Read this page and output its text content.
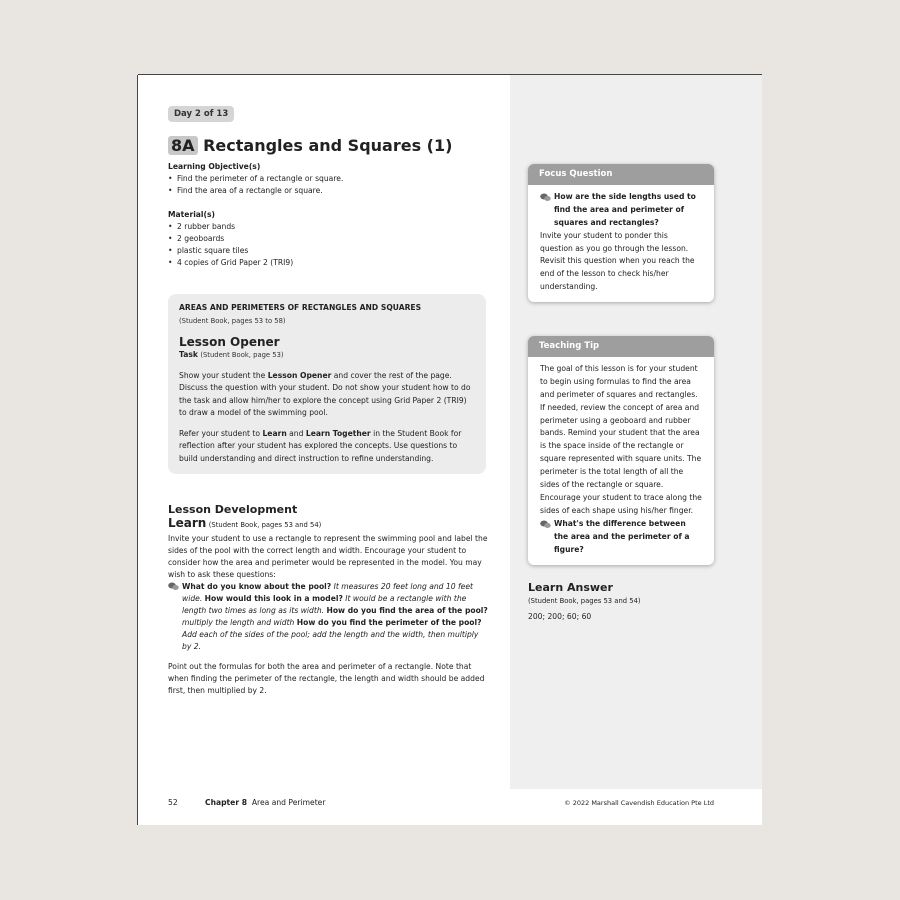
Day 2 of 13
8A Rectangles and Squares (1)
Learning Objective(s)
• Find the perimeter of a rectangle or square.
• Find the area of a rectangle or square.
Material(s)
• 2 rubber bands
• 2 geoboards
• plastic square tiles
• 4 copies of Grid Paper 2 (TRI9)
AREAS AND PERIMETERS OF RECTANGLES AND SQUARES
(Student Book, pages 53 to 58)
Lesson Opener
Task (Student Book, page 53)

Show your student the Lesson Opener and cover the rest of the page. Discuss the question with your student. Do not show your student how to do the task and allow him/her to explore the concept using Grid Paper 2 (TRI9) to draw a model of the swimming pool.

Refer your student to Learn and Learn Together in the Student Book for reflection after your student has explored the concepts. Use questions to build understanding and direct instruction to refine understanding.

Lesson Development
Learn (Student Book, pages 53 and 54)

Invite your student to use a rectangle to represent the swimming pool and label the sides of the pool with the correct length and width. Encourage your student to consider how the area and perimeter would be represented in the model. You may wish to ask these questions:

What do you know about the pool? It measures 20 feet long and 10 feet wide. How would this look in a model? It would be a rectangle with the length two times as long as its width. How do you find the area of the pool? multiply the length and width How do you find the perimeter of the pool? Add each of the sides of the pool; add the length and the width, then multiply by 2.

Point out the formulas for both the area and perimeter of a rectangle. Note that when finding the perimeter of the rectangle, the length and width should be added first, then multiplied by 2.

Focus Question
How are the side lengths used to find the area and perimeter of squares and rectangles?
Invite your student to ponder this question as you go through the lesson. Revisit this question when you reach the end of the lesson to check his/her understanding.
Teaching Tip
The goal of this lesson is for your student to begin using formulas to find the area and perimeter of squares and rectangles. If needed, review the concept of area and perimeter using a geoboard and rubber bands. Remind your student that the area is the space inside of the rectangle or square represented with square units. The perimeter is the total length of all the sides of the rectangle or square. Encourage your student to trace along the sides of each shape using his/her finger.
What's the difference between the area and the perimeter of a figure?
Learn Answer
(Student Book, pages 53 and 54)
200; 200; 60; 60
52	Chapter 8 Area and Perimeter	© 2022 Marshall Cavendish Education Pte Ltd
